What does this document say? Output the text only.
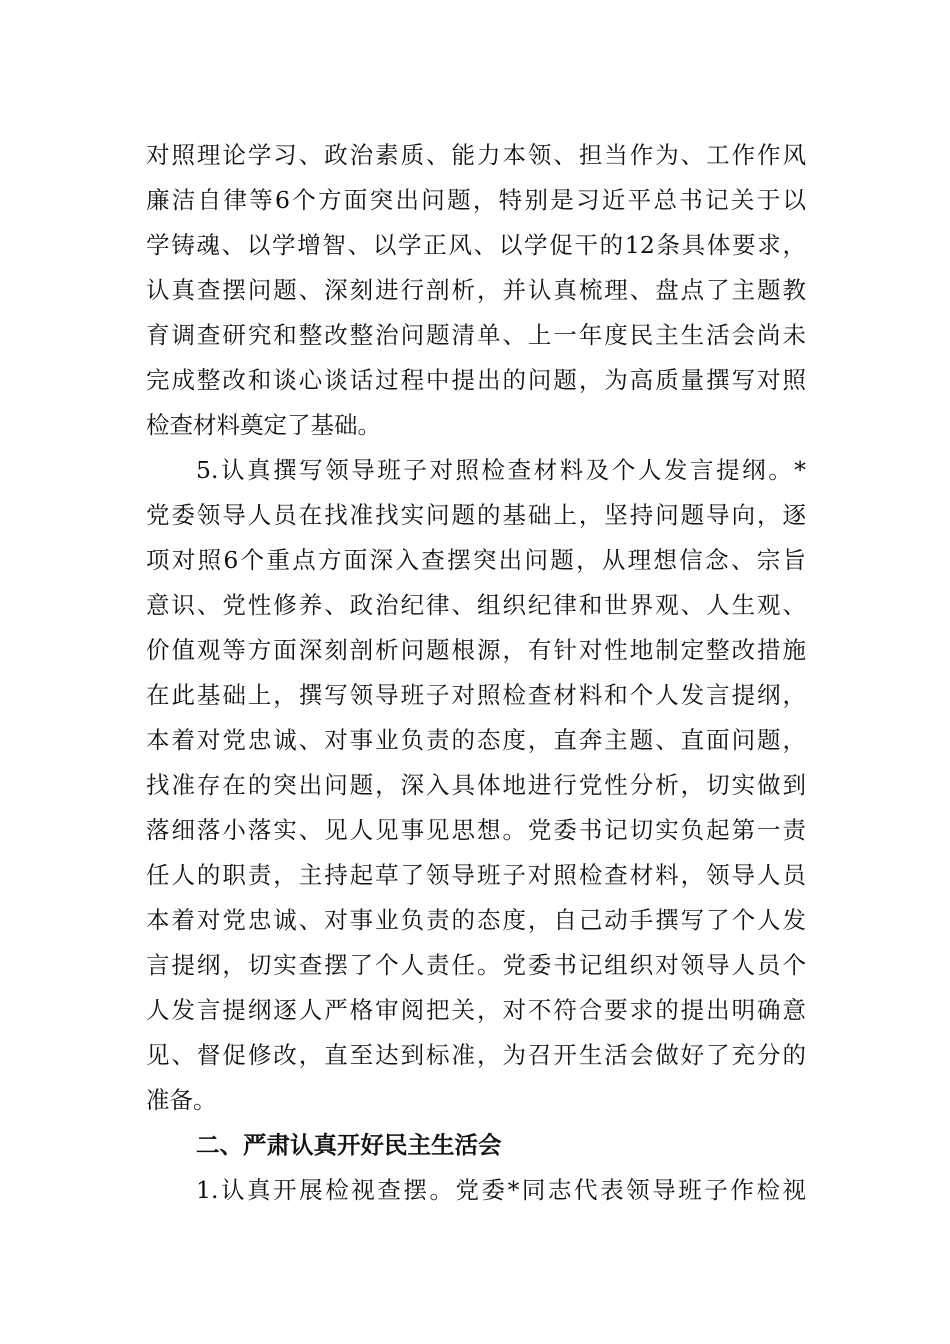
对照理论学习、政治素质、能力本领、担当作为、工作作风
廉洁自律等6个方面突出问题，特别是习近平总书记关于以
学铸魂、以学增智、以学正风、以学促干的12条具体要求，
认真查摆问题、深刻进行剖析，并认真梳理、盘点了主题教
育调查研究和整改整治问题清单、上一年度民主生活会尚未
完成整改和谈心谈话过程中提出的问题，为高质量撰写对照
检查材料奠定了基础。
5.认真撰写领导班子对照检查材料及个人发言提纲。*
党委领导人员在找准找实问题的基础上，坚持问题导向，逐
项对照6个重点方面深入查摆突出问题，从理想信念、宗旨
意识、党性修养、政治纪律、组织纪律和世界观、人生观、
价值观等方面深刻剖析问题根源，有针对性地制定整改措施
在此基础上，撰写领导班子对照检查材料和个人发言提纲，
本着对党忠诚、对事业负责的态度，直奔主题、直面问题，
找准存在的突出问题，深入具体地进行党性分析，切实做到
落细落小落实、见人见事见思想。党委书记切实负起第一责
任人的职责，主持起草了领导班子对照检查材料，领导人员
本着对党忠诚、对事业负责的态度，自己动手撰写了个人发
言提纲，切实查摆了个人责任。党委书记组织对领导人员个
人发言提纲逐人严格审阅把关，对不符合要求的提出明确意
见、督促修改，直至达到标准，为召开生活会做好了充分的
准备。
二、严肃认真开好民主生活会
1.认真开展检视查摆。党委*同志代表领导班子作检视
